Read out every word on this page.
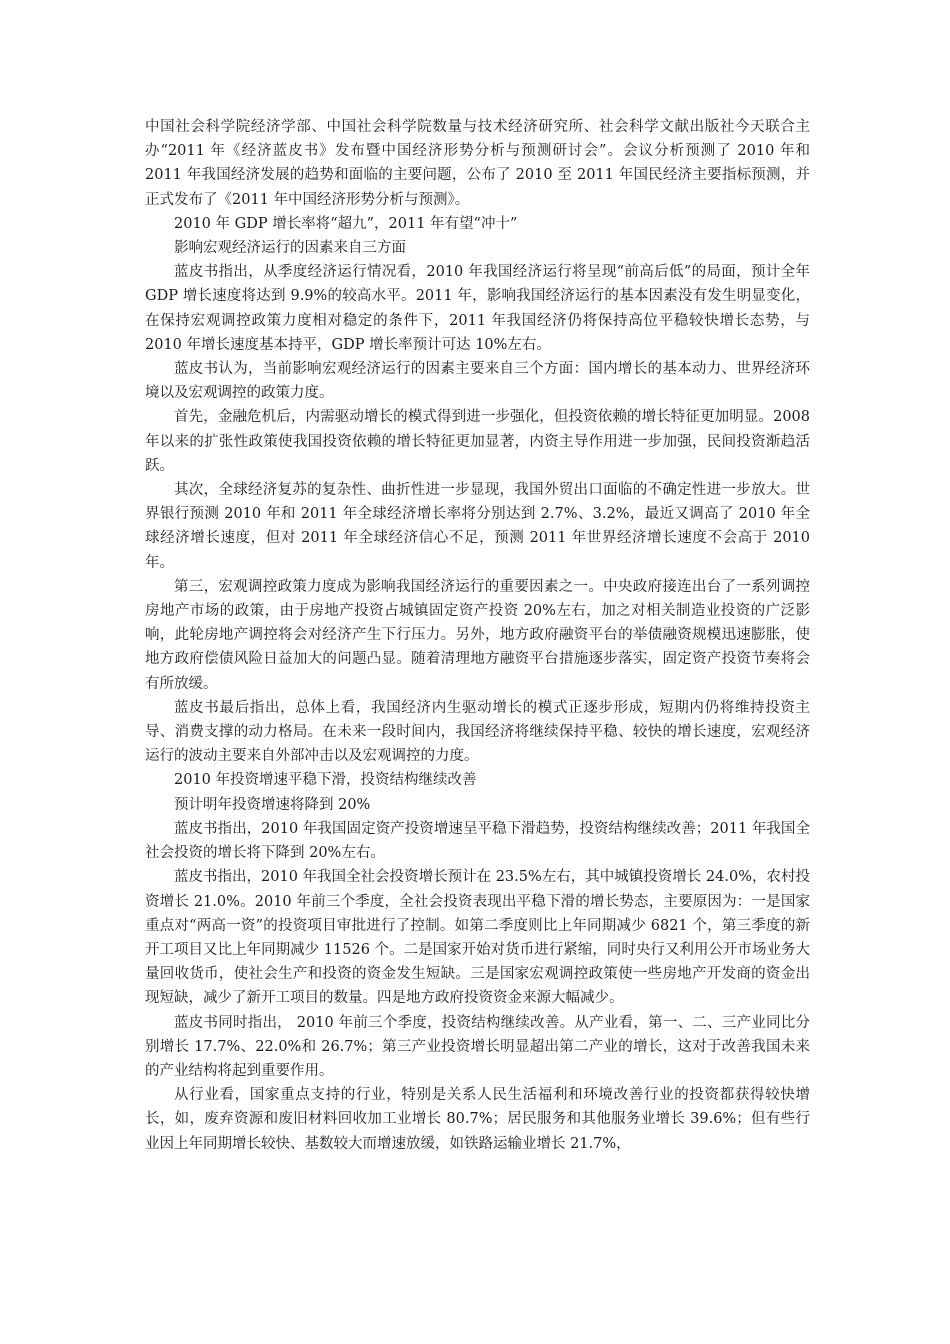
中国社会科学院经济学部、中国社会科学院数量与技术经济研究所、社会科学文献出版社今天联合主办“2011 年《经济蓝皮书》发布暨中国经济形势分析与预测研讨会”。会议分析预测了 2010 年和 2011 年我国经济发展的趋势和面临的主要问题，公布了 2010 至 2011 年国民经济主要指标预测，并正式发布了《2011 年中国经济形势分析与预测》。

2010 年 GDP 增长率将“超九”，2011 年有望“冲十”

影响宏观经济运行的因素来自三方面

蓝皮书指出，从季度经济运行情况看，2010 年我国经济运行将呈现“前高后低”的局面，预计全年 GDP 增长速度将达到 9.9%的较高水平。2011 年，影响我国经济运行的基本因素没有发生明显变化，在保持宏观调控政策力度相对稳定的条件下，2011 年我国经济仍将保持高位平稳较快增长态势，与 2010 年增长速度基本持平，GDP 增长率预计可达 10%左右。

蓝皮书认为，当前影响宏观经济运行的因素主要来自三个方面：国内增长的基本动力、世界经济环境以及宏观调控的政策力度。

首先，金融危机后，内需驱动增长的模式得到进一步强化，但投资依赖的增长特征更加明显。2008 年以来的扩张性政策使我国投资依赖的增长特征更加显著，内资主导作用进一步加强，民间投资渐趋活跃。

其次，全球经济复苏的复杂性、曲折性进一步显现，我国外贸出口面临的不确定性进一步放大。世界银行预测 2010 年和 2011 年全球经济增长率将分别达到 2.7%、3.2%，最近又调高了 2010 年全球经济增长速度，但对 2011 年全球经济信心不足，预测 2011 年世界经济增长速度不会高于 2010 年。

第三，宏观调控政策力度成为影响我国经济运行的重要因素之一。中央政府接连出台了一系列调控房地产市场的政策，由于房地产投资占城镇固定资产投资 20%左右，加之对相关制造业投资的广泛影响，此轮房地产调控将会对经济产生下行压力。另外，地方政府融资平台的举债融资规模迅速膨胀，使地方政府偿债风险日益加大的问题凸显。随着清理地方融资平台措施逐步落实，固定资产投资节奏将会有所放缓。

蓝皮书最后指出，总体上看，我国经济内生驱动增长的模式正逐步形成，短期内仍将维持投资主导、消费支撑的动力格局。在未来一段时间内，我国经济将继续保持平稳、较快的增长速度，宏观经济运行的波动主要来自外部冲击以及宏观调控的力度。

2010 年投资增速平稳下滑，投资结构继续改善

预计明年投资增速将降到 20%

蓝皮书指出，2010 年我国固定资产投资增速呈平稳下滑趋势，投资结构继续改善；2011 年我国全社会投资的增长将下降到 20%左右。

蓝皮书指出，2010 年我国全社会投资增长预计在 23.5%左右，其中城镇投资增长 24.0%，农村投资增长 21.0%。2010 年前三个季度，全社会投资表现出平稳下滑的增长势态，主要原因为：一是国家重点对“两高一资”的投资项目审批进行了控制。如第二季度则比上年同期减少 6821 个，第三季度的新开工项目又比上年同期减少 11526 个。二是国家开始对货币进行紧缩，同时央行又利用公开市场业务大量回收货币，使社会生产和投资的资金发生短缺。三是国家宏观调控政策使一些房地产开发商的资金出现短缺，减少了新开工项目的数量。四是地方政府投资资金来源大幅减少。

蓝皮书同时指出， 2010 年前三个季度，投资结构继续改善。从产业看，第一、二、三产业同比分别增长 17.7%、22.0%和 26.7%；第三产业投资增长明显超出第二产业的增长，这对于改善我国未来的产业结构将起到重要作用。

从行业看，国家重点支持的行业，特别是关系人民生活福利和环境改善行业的投资都获得较快增长，如，废弃资源和废旧材料回收加工业增长 80.7%；居民服务和其他服务业增长 39.6%；但有些行业因上年同期增长较快、基数较大而增速放缓，如铁路运输业增长 21.7%，
